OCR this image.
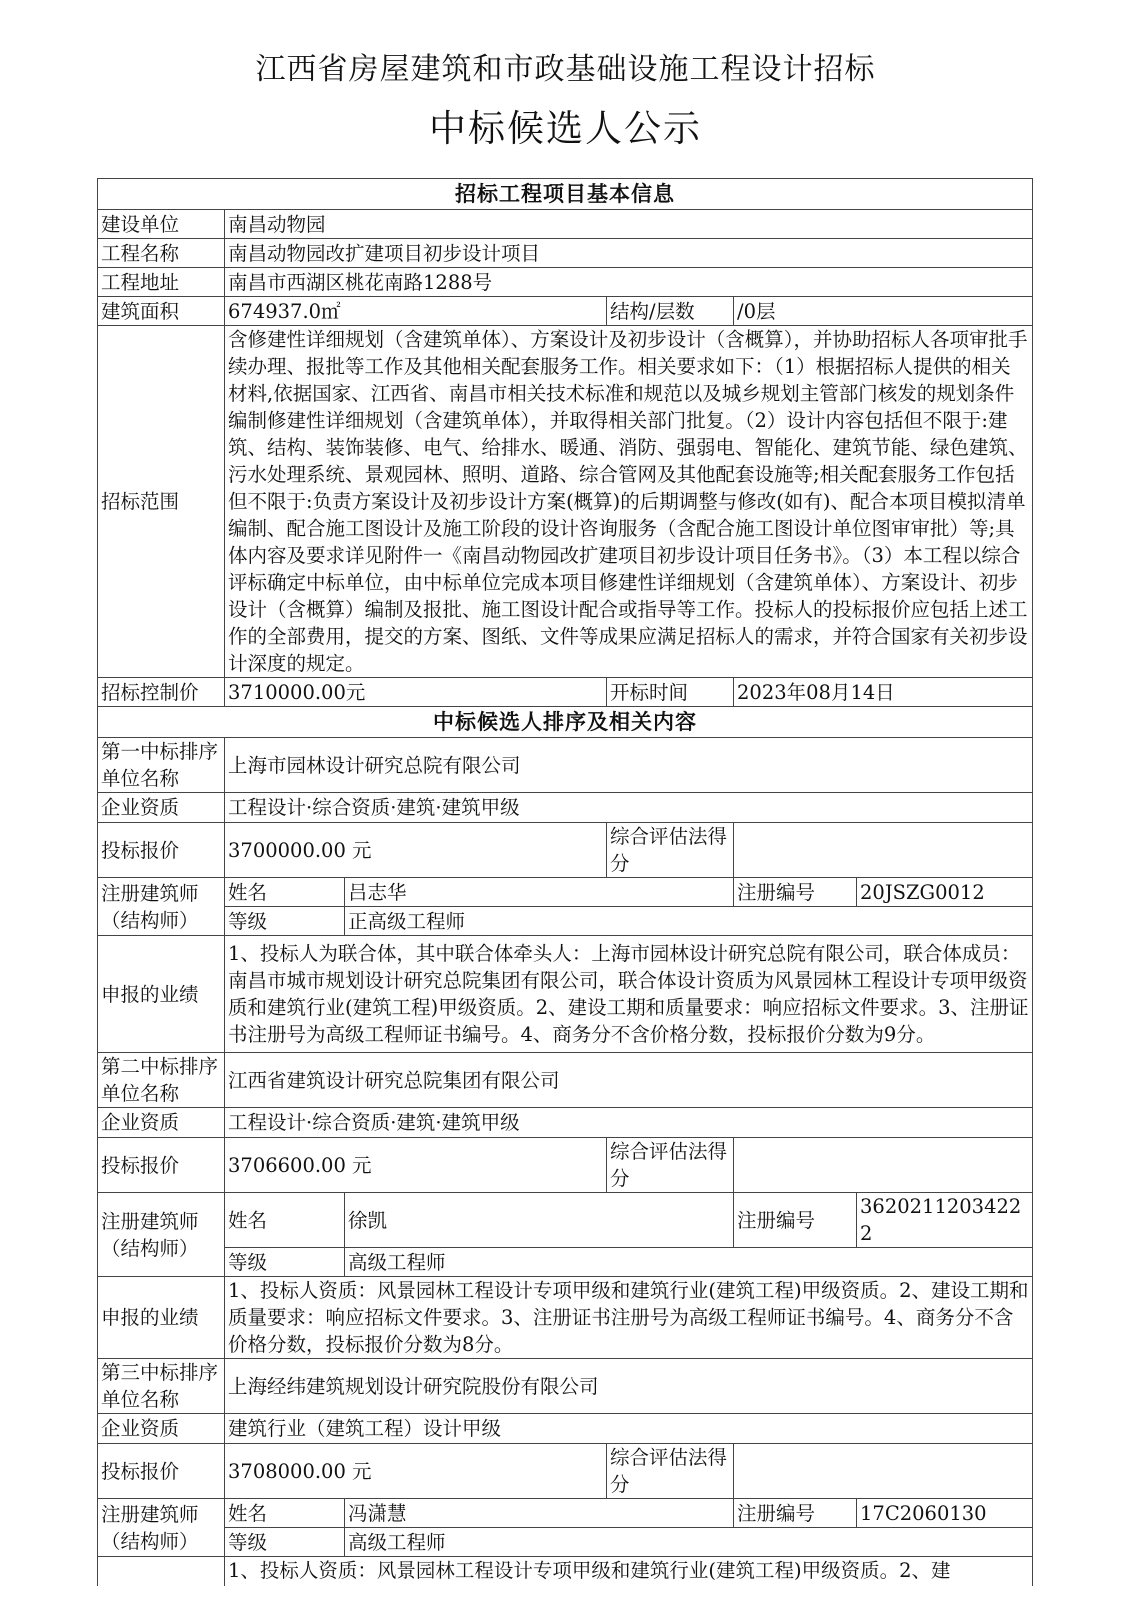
江西省房屋建筑和市政基础设施工程设计招标
中标候选人公示
招标工程项目基本信息					
建设单位	南昌动物园				
工程名称	南昌动物园改扩建项目初步设计项目				
工程地址	南昌市西湖区桃花南路1288号				
建筑面积	674937.0㎡		结构/层数	/0层	
招标范围	含修建性详细规划（含建筑单体）、方案设计及初步设计（含概算），并协助招标人各项审批手续办理、报批等工作及其他相关配套服务工作。相关要求如下：（1）根据招标人提供的相关材料,依据国家、江西省、南昌市相关技术标准和规范以及城乡规划主管部门核发的规划条件编制修建性详细规划（含建筑单体），并取得相关部门批复。（2）设计内容包括但不限于:建筑、结构、装饰装修、电气、给排水、暖通、消防、强弱电、智能化、建筑节能、绿色建筑、污水处理系统、景观园林、照明、道路、综合管网及其他配套设施等;相关配套服务工作包括但不限于:负责方案设计及初步设计方案(概算)的后期调整与修改(如有)、配合本项目模拟清单编制、配合施工图设计及施工阶段的设计咨询服务（含配合施工图设计单位图审审批）等;具体内容及要求详见附件一《南昌动物园改扩建项目初步设计项目任务书》。（3）本工程以综合评标确定中标单位，由中标单位完成本项目修建性详细规划（含建筑单体）、方案设计、初步设计（含概算）编制及报批、施工图设计配合或指导等工作。投标人的投标报价应包括上述工作的全部费用，提交的方案、图纸、文件等成果应满足招标人的需求，并符合国家有关初步设计深度的规定。				
招标控制价	3710000.00元		开标时间	2023年08月14日	
中标候选人排序及相关内容					
第一中标排序单位名称	上海市园林设计研究总院有限公司				
企业资质	工程设计·综合资质·建筑·建筑甲级				
投标报价	3700000.00 元		综合评估法得分		
注册建筑师（结构师）	姓名	吕志华		注册编号	20JSZG0012
	等级	正高级工程师			
申报的业绩	1、投标人为联合体，其中联合体牵头人：上海市园林设计研究总院有限公司，联合体成员：南昌市城市规划设计研究总院集团有限公司，联合体设计资质为风景园林工程设计专项甲级资质和建筑行业(建筑工程)甲级资质。2、建设工期和质量要求：响应招标文件要求。3、注册证书注册号为高级工程师证书编号。4、商务分不含价格分数，投标报价分数为9分。				
第二中标排序单位名称	江西省建筑设计研究总院集团有限公司				
企业资质	工程设计·综合资质·建筑·建筑甲级				
投标报价	3706600.00 元		综合评估法得分		
注册建筑师（结构师）	姓名	徐凯		注册编号	36202112034222
	等级	高级工程师			
申报的业绩	1、投标人资质：风景园林工程设计专项甲级和建筑行业(建筑工程)甲级资质。2、建设工期和质量要求：响应招标文件要求。3、注册证书注册号为高级工程师证书编号。4、商务分不含价格分数，投标报价分数为8分。				
第三中标排序单位名称	上海经纬建筑规划设计研究院股份有限公司				
企业资质	建筑行业（建筑工程）设计甲级				
投标报价	3708000.00 元		综合评估法得分		
注册建筑师（结构师）	姓名	冯潇慧		注册编号	17C2060130
	等级	高级工程师			
	1、投标人资质：风景园林工程设计专项甲级和建筑行业(建筑工程)甲级资质。2、建				
